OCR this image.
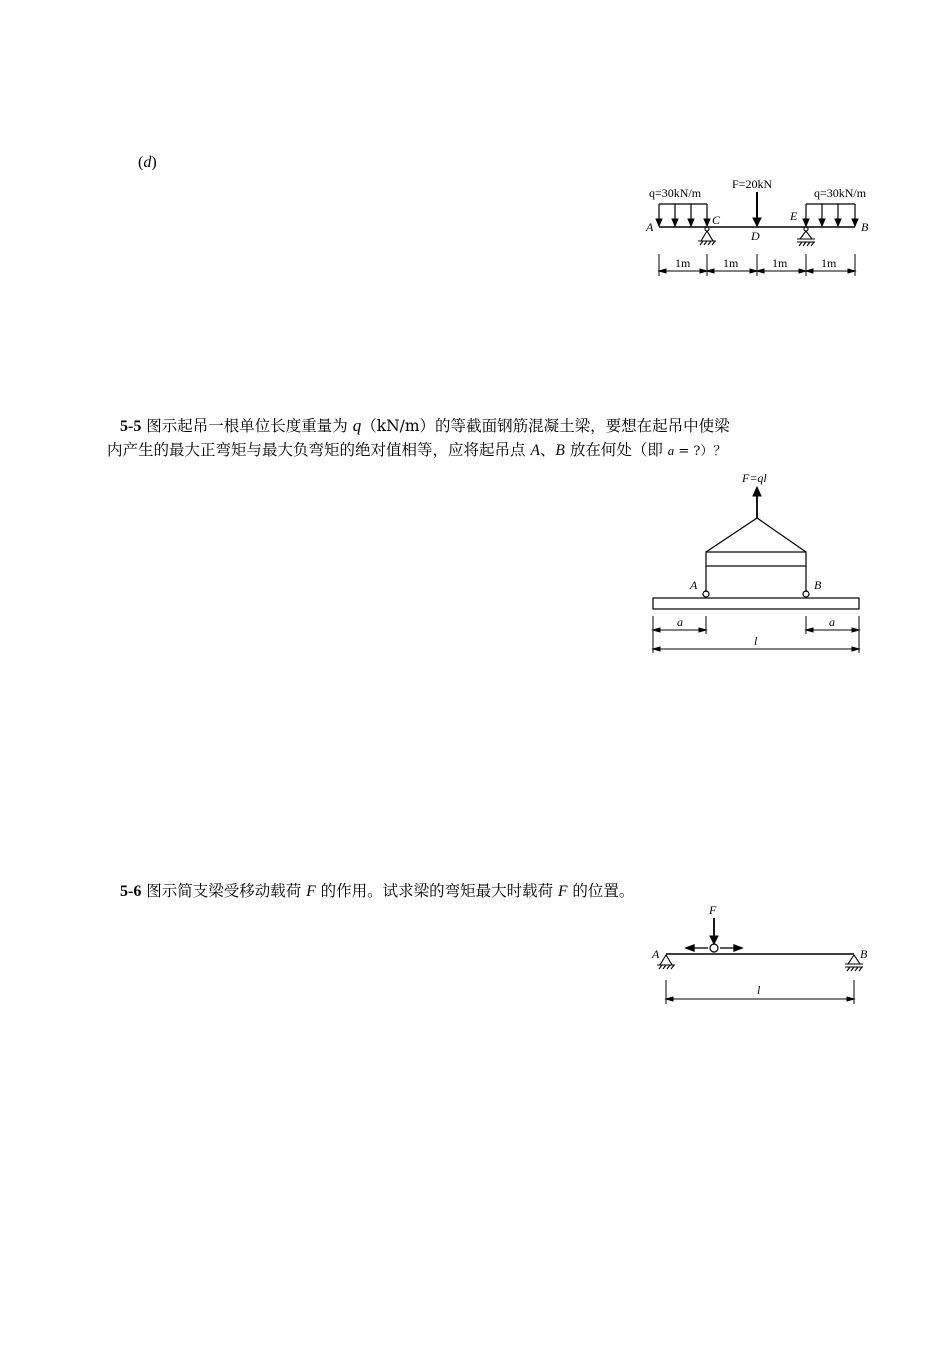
(d)
q=30kN/m
F=20kN
q=30kN/m
A	C
D
E
B
1m	1m	1m	1m
5-5 图示起吊一根单位长度重量为 q（kN/m）的等截面钢筋混凝土梁，要想在起吊中使梁
内产生的最大正弯矩与最大负弯矩的绝对值相等，应将起吊点 A、B 放在何处（即 a = ?）？
F=ql
A	B
a	a
l
5-6 图示简支梁受移动载荷 F 的作用。试求梁的弯矩最大时载荷 F 的位置。
F
A	B
l
